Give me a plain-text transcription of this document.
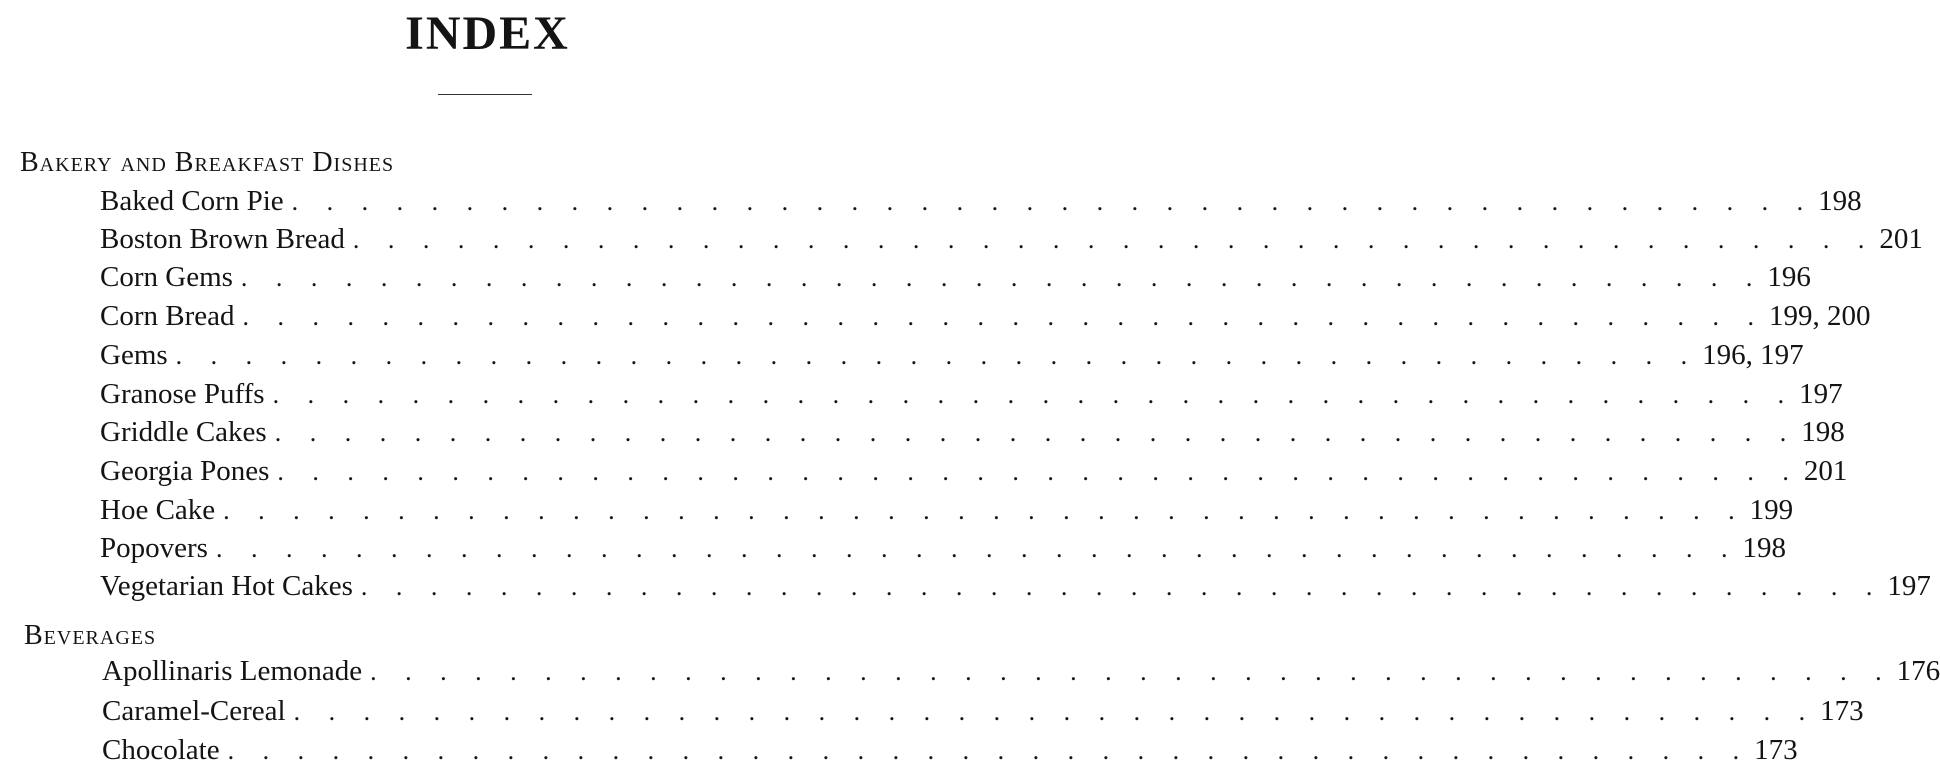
INDEX
Bakery and Breakfast Dishes
Baked Corn Pie . . . . . . . . . . . . . . . . . . . . . . . . . . . . . . . . . . . . . . . . . . . . 198
Boston Brown Bread . . . . . . . . . . . . . . . . . . . . . . . . . . . . . . . . . . . . . . . . . . . . 201
Corn Gems . . . . . . . . . . . . . . . . . . . . . . . . . . . . . . . . . . . . . . . . . . . . 196
Corn Bread . . . . . . . . . . . . . . . . . . . . . . . . . . . . . . . . . . . . . . . . . . . . 199, 200
Gems . . . . . . . . . . . . . . . . . . . . . . . . . . . . . . . . . . . . . . . . . . . . 196, 197
Granose Puffs . . . . . . . . . . . . . . . . . . . . . . . . . . . . . . . . . . . . . . . . . . . . 197
Griddle Cakes . . . . . . . . . . . . . . . . . . . . . . . . . . . . . . . . . . . . . . . . . . . . 198
Georgia Pones . . . . . . . . . . . . . . . . . . . . . . . . . . . . . . . . . . . . . . . . . . . . 201
Hoe Cake . . . . . . . . . . . . . . . . . . . . . . . . . . . . . . . . . . . . . . . . . . . . 199
Popovers . . . . . . . . . . . . . . . . . . . . . . . . . . . . . . . . . . . . . . . . . . . . 198
Vegetarian Hot Cakes . . . . . . . . . . . . . . . . . . . . . . . . . . . . . . . . . . . . . . . . . . . . 197
Beverages
Apollinaris Lemonade . . . . . . . . . . . . . . . . . . . . . . . . . . . . . . . . . . . . . . . . . . . . 176
Caramel-Cereal . . . . . . . . . . . . . . . . . . . . . . . . . . . . . . . . . . . . . . . . . . . . 173
Chocolate . . . . . . . . . . . . . . . . . . . . . . . . . . . . . . . . . . . . . . . . . . . . 173
